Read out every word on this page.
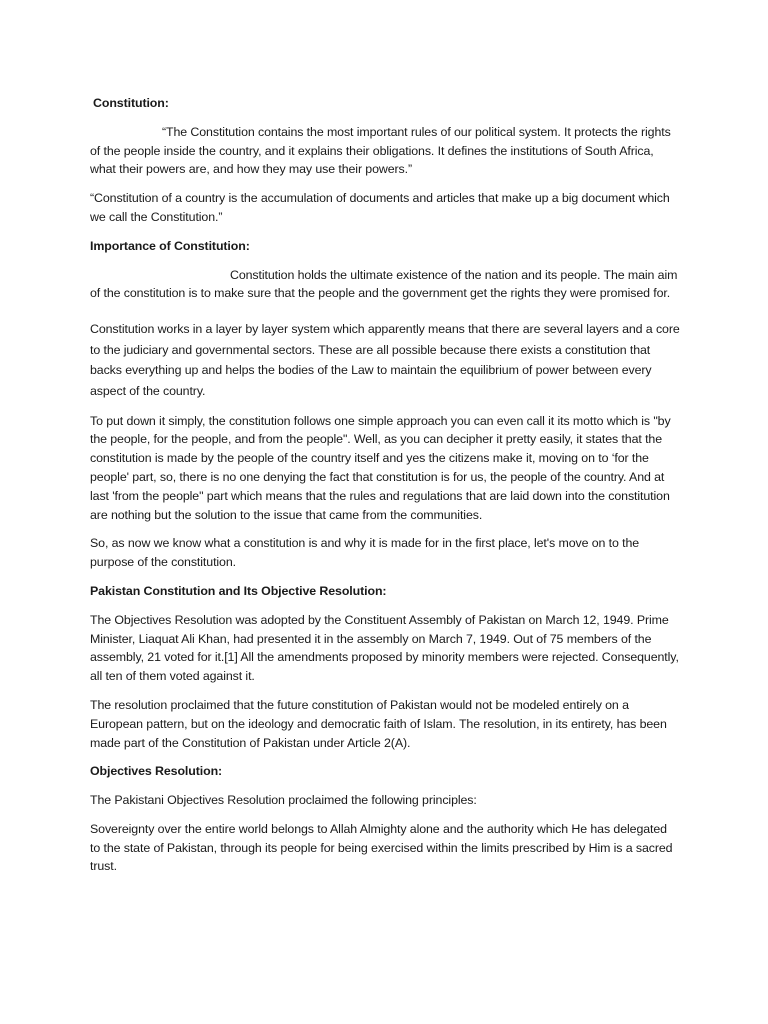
Constitution:
“The Constitution contains the most important rules of our political system. It protects the rights of the people inside the country, and it explains their obligations. It defines the institutions of South Africa, what their powers are, and how they may use their powers.”
“Constitution of a country is the accumulation of documents and articles that make up a big document which we call the Constitution.”
Importance of Constitution:
Constitution holds the ultimate existence of the nation and its people. The main aim of the constitution is to make sure that the people and the government get the rights they were promised for.
Constitution works in a layer by layer system which apparently means that there are several layers and a core to the judiciary and governmental sectors. These are all possible because there exists a constitution that backs everything up and helps the bodies of the Law to maintain the equilibrium of power between every aspect of the country.
To put down it simply, the constitution follows one simple approach you can even call it its motto which is "by the people, for the people, and from the people". Well, as you can decipher it pretty easily, it states that the constitution is made by the people of the country itself and yes the citizens make it, moving on to ‘for the people' part, so, there is no one denying the fact that constitution is for us, the people of the country. And at last 'from the people" part which means that the rules and regulations that are laid down into the constitution are nothing but the solution to the issue that came from the communities.
So, as now we know what a constitution is and why it is made for in the first place, let's move on to the purpose of the constitution.
Pakistan Constitution and Its Objective Resolution:
The Objectives Resolution was adopted by the Constituent Assembly of Pakistan on March 12, 1949. Prime Minister, Liaquat Ali Khan, had presented it in the assembly on March 7, 1949. Out of 75 members of the assembly, 21 voted for it.[1] All the amendments proposed by minority members were rejected. Consequently, all ten of them voted against it.
The resolution proclaimed that the future constitution of Pakistan would not be modeled entirely on a European pattern, but on the ideology and democratic faith of Islam. The resolution, in its entirety, has been made part of the Constitution of Pakistan under Article 2(A).
Objectives Resolution:
The Pakistani Objectives Resolution proclaimed the following principles:
Sovereignty over the entire world belongs to Allah Almighty alone and the authority which He has delegated to the state of Pakistan, through its people for being exercised within the limits prescribed by Him is a sacred trust.
